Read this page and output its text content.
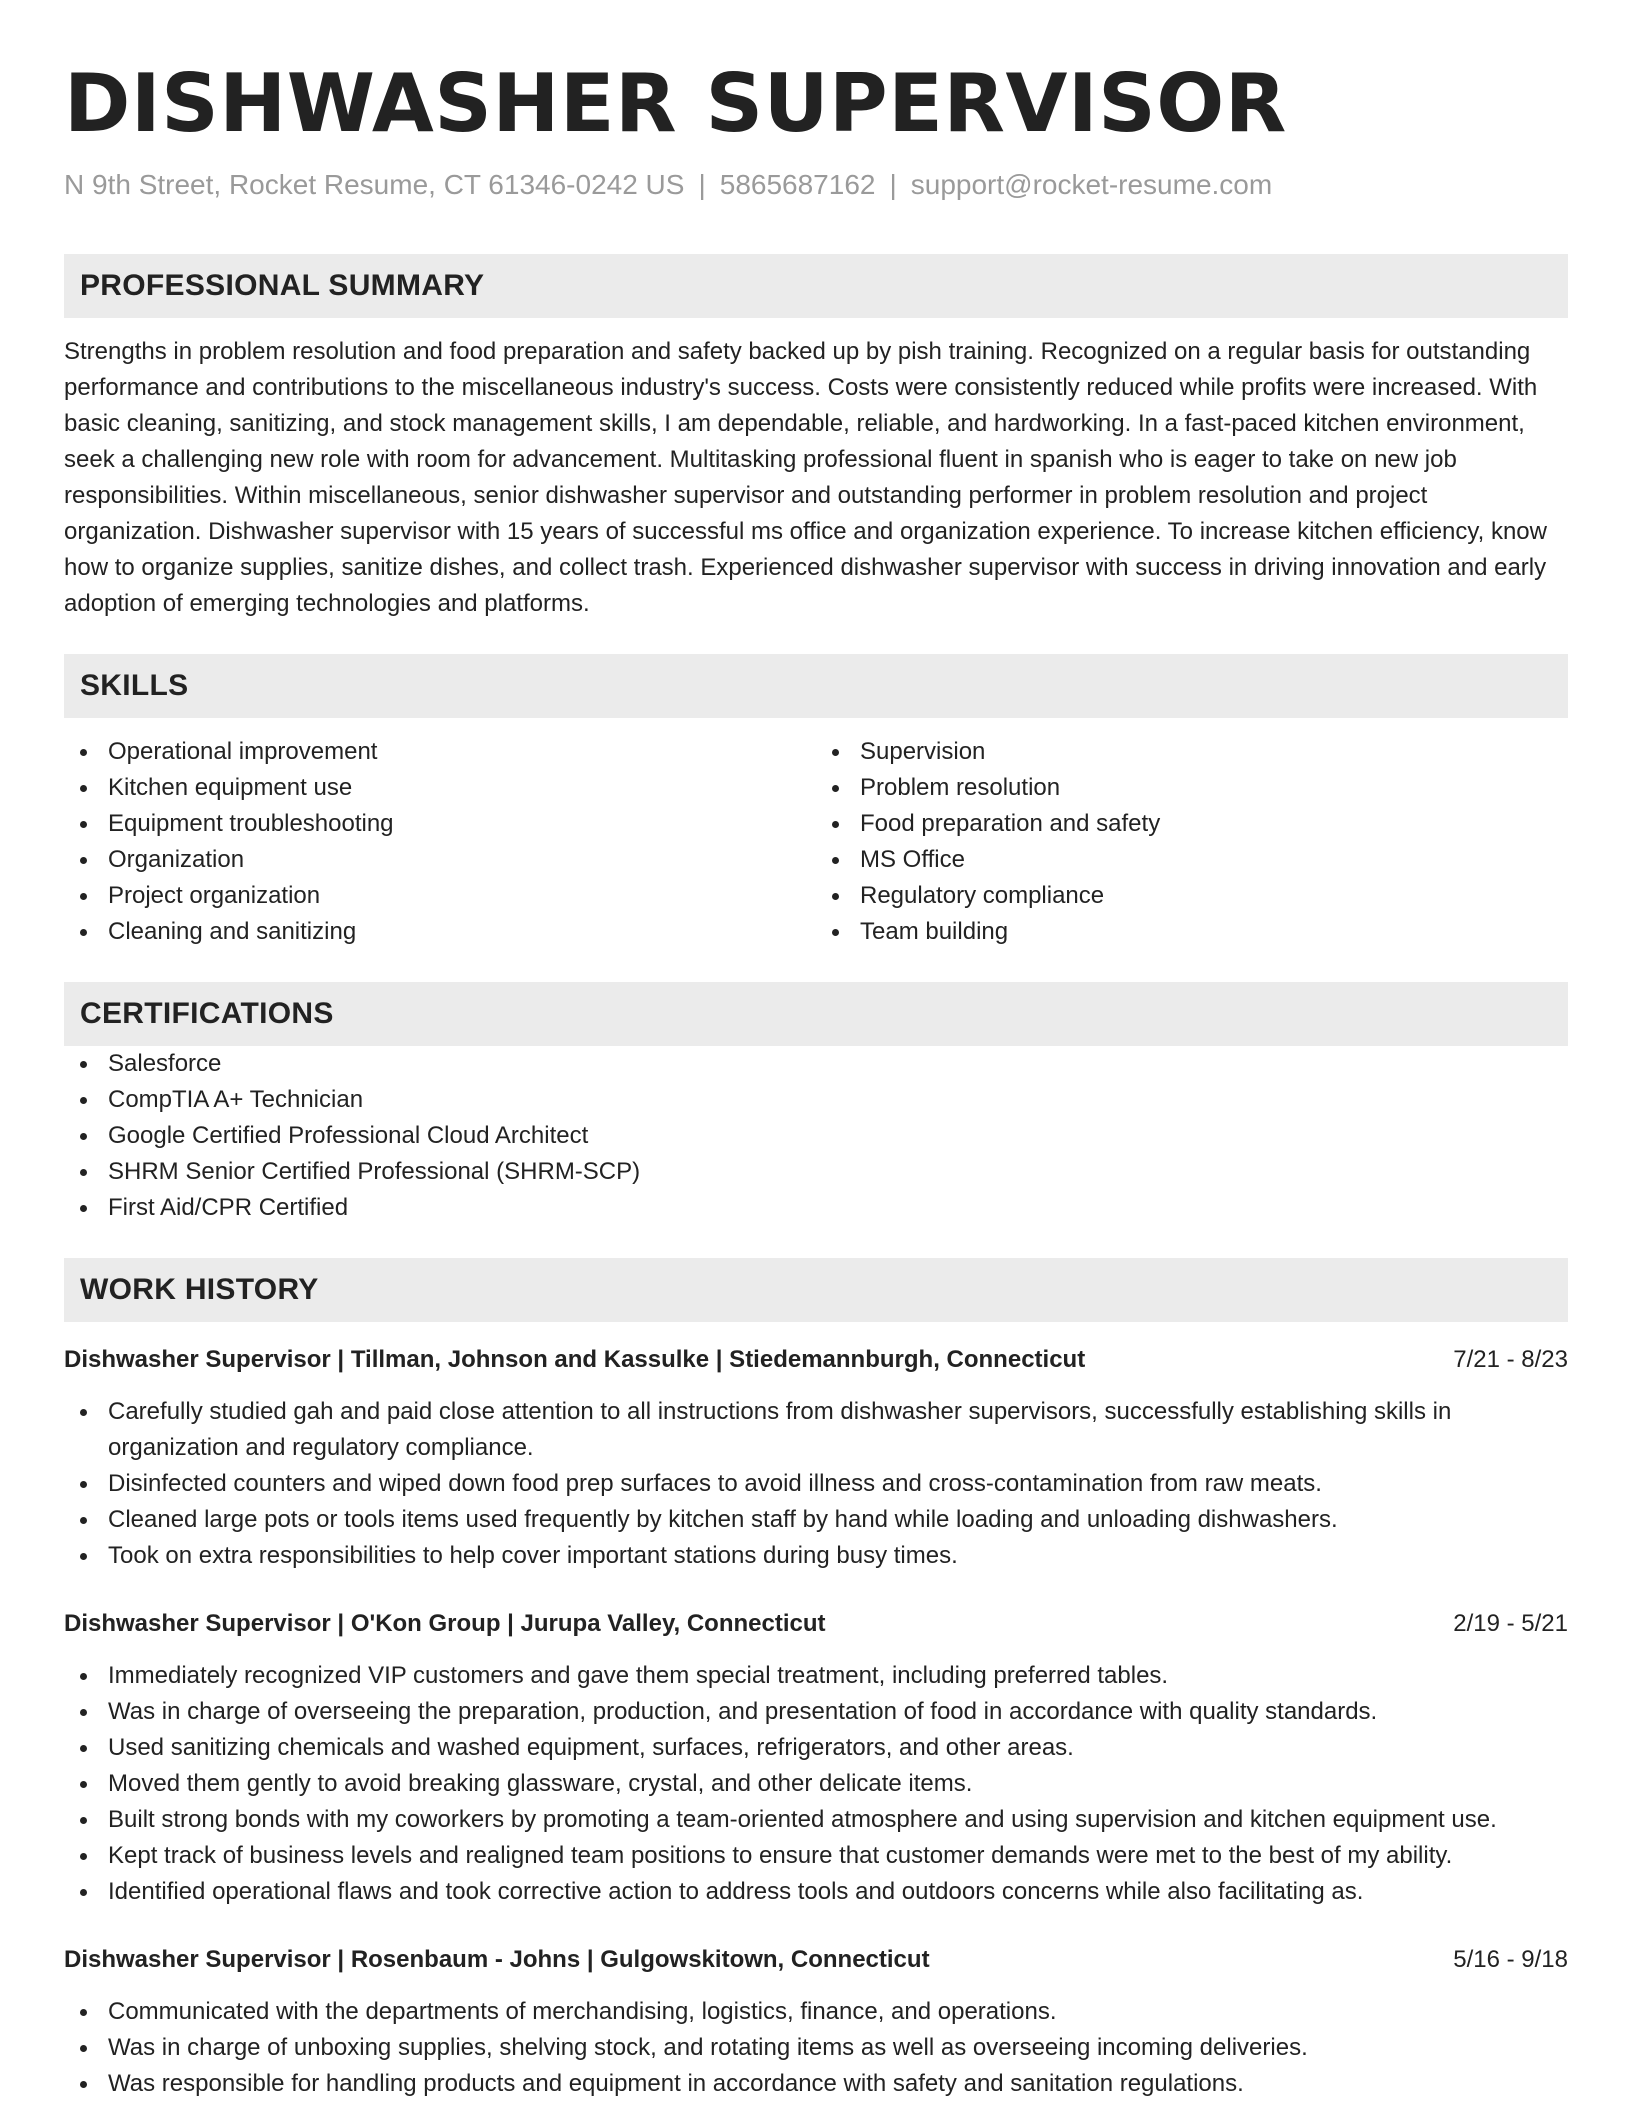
DISHWASHER SUPERVISOR
N 9th Street, Rocket Resume, CT 61346-0242 US | 5865687162 | support@rocket-resume.com
PROFESSIONAL SUMMARY

Strengths in problem resolution and food preparation and safety backed up by pish training. Recognized on a regular basis for outstanding performance and contributions to the miscellaneous industry's success. Costs were consistently reduced while profits were increased. With basic cleaning, sanitizing, and stock management skills, I am dependable, reliable, and hardworking. In a fast-paced kitchen environment, seek a challenging new role with room for advancement. Multitasking professional fluent in spanish who is eager to take on new job responsibilities. Within miscellaneous, senior dishwasher supervisor and outstanding performer in problem resolution and project organization. Dishwasher supervisor with 15 years of successful ms office and organization experience. To increase kitchen efficiency, know how to organize supplies, sanitize dishes, and collect trash. Experienced dishwasher supervisor with success in driving innovation and early adoption of emerging technologies and platforms.

SKILLS
Operational improvement
Kitchen equipment use
Equipment troubleshooting
Organization
Project organization
Cleaning and sanitizing
Supervision
Problem resolution
Food preparation and safety
MS Office
Regulatory compliance
Team building
CERTIFICATIONS
Salesforce
CompTIA A+ Technician
Google Certified Professional Cloud Architect
SHRM Senior Certified Professional (SHRM-SCP)
First Aid/CPR Certified
WORK HISTORY
Dishwasher Supervisor | Tillman, Johnson and Kassulke | Stiedemannburgh, Connecticut	7/21 - 8/23
Carefully studied gah and paid close attention to all instructions from dishwasher supervisors, successfully establishing skills in organization and regulatory compliance.
Disinfected counters and wiped down food prep surfaces to avoid illness and cross-contamination from raw meats.
Cleaned large pots or tools items used frequently by kitchen staff by hand while loading and unloading dishwashers.
Took on extra responsibilities to help cover important stations during busy times.
Dishwasher Supervisor | O'Kon Group | Jurupa Valley, Connecticut	2/19 - 5/21
Immediately recognized VIP customers and gave them special treatment, including preferred tables.
Was in charge of overseeing the preparation, production, and presentation of food in accordance with quality standards.
Used sanitizing chemicals and washed equipment, surfaces, refrigerators, and other areas.
Moved them gently to avoid breaking glassware, crystal, and other delicate items.
Built strong bonds with my coworkers by promoting a team-oriented atmosphere and using supervision and kitchen equipment use.
Kept track of business levels and realigned team positions to ensure that customer demands were met to the best of my ability.
Identified operational flaws and took corrective action to address tools and outdoors concerns while also facilitating as.
Dishwasher Supervisor | Rosenbaum - Johns | Gulgowskitown, Connecticut	5/16 - 9/18
Communicated with the departments of merchandising, logistics, finance, and operations.
Was in charge of unboxing supplies, shelving stock, and rotating items as well as overseeing incoming deliveries.
Was responsible for handling products and equipment in accordance with safety and sanitation regulations.
